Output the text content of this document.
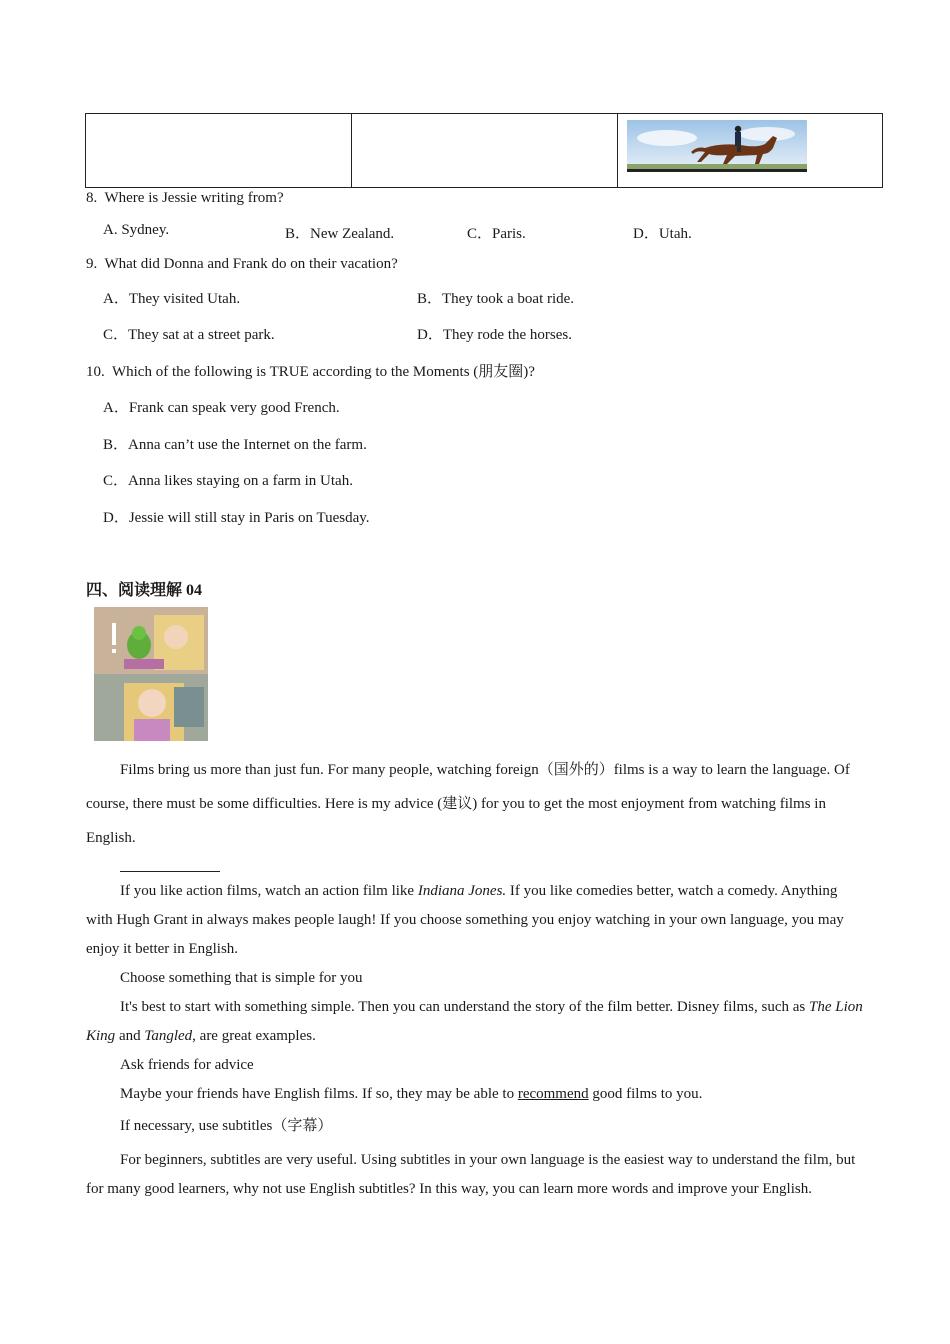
8. Where is Jessie writing from?
A. Sydney.	B．New Zealand.	C．Paris.	D．Utah.
9. What did Donna and Frank do on their vacation?
A．They visited Utah.	B．They took a boat ride.
C．They sat at a street park.	D．They rode the horses.
10. Which of the following is TRUE according to the Moments (朋友圈)?
A．Frank can speak very good French.
B．Anna can’t use the Internet on the farm.
C．Anna likes staying on a farm in Utah.
D．Jessie will still stay in Paris on Tuesday.
四、阅读理解 04
Films bring us more than just fun. For many people, watching foreign（国外的）films is a way to learn the language. Of course, there must be some difficulties. Here is my advice (建议) for you to get the most enjoyment from watching films in English.
If you like action films, watch an action film like Indiana Jones. If you like comedies better, watch a comedy. Anything with Hugh Grant in always makes people laugh! If you choose something you enjoy watching in your own language, you may enjoy it better in English.
Choose something that is simple for you
It's best to start with something simple. Then you can understand the story of the film better. Disney films, such as The Lion King and Tangled, are great examples.
Ask friends for advice
Maybe your friends have English films. If so, they may be able to recommend good films to you.
If necessary, use subtitles（字幕）
For beginners, subtitles are very useful. Using subtitles in your own language is the easiest way to understand the film, but for many good learners, why not use English subtitles? In this way, you can learn more words and improve your English.
